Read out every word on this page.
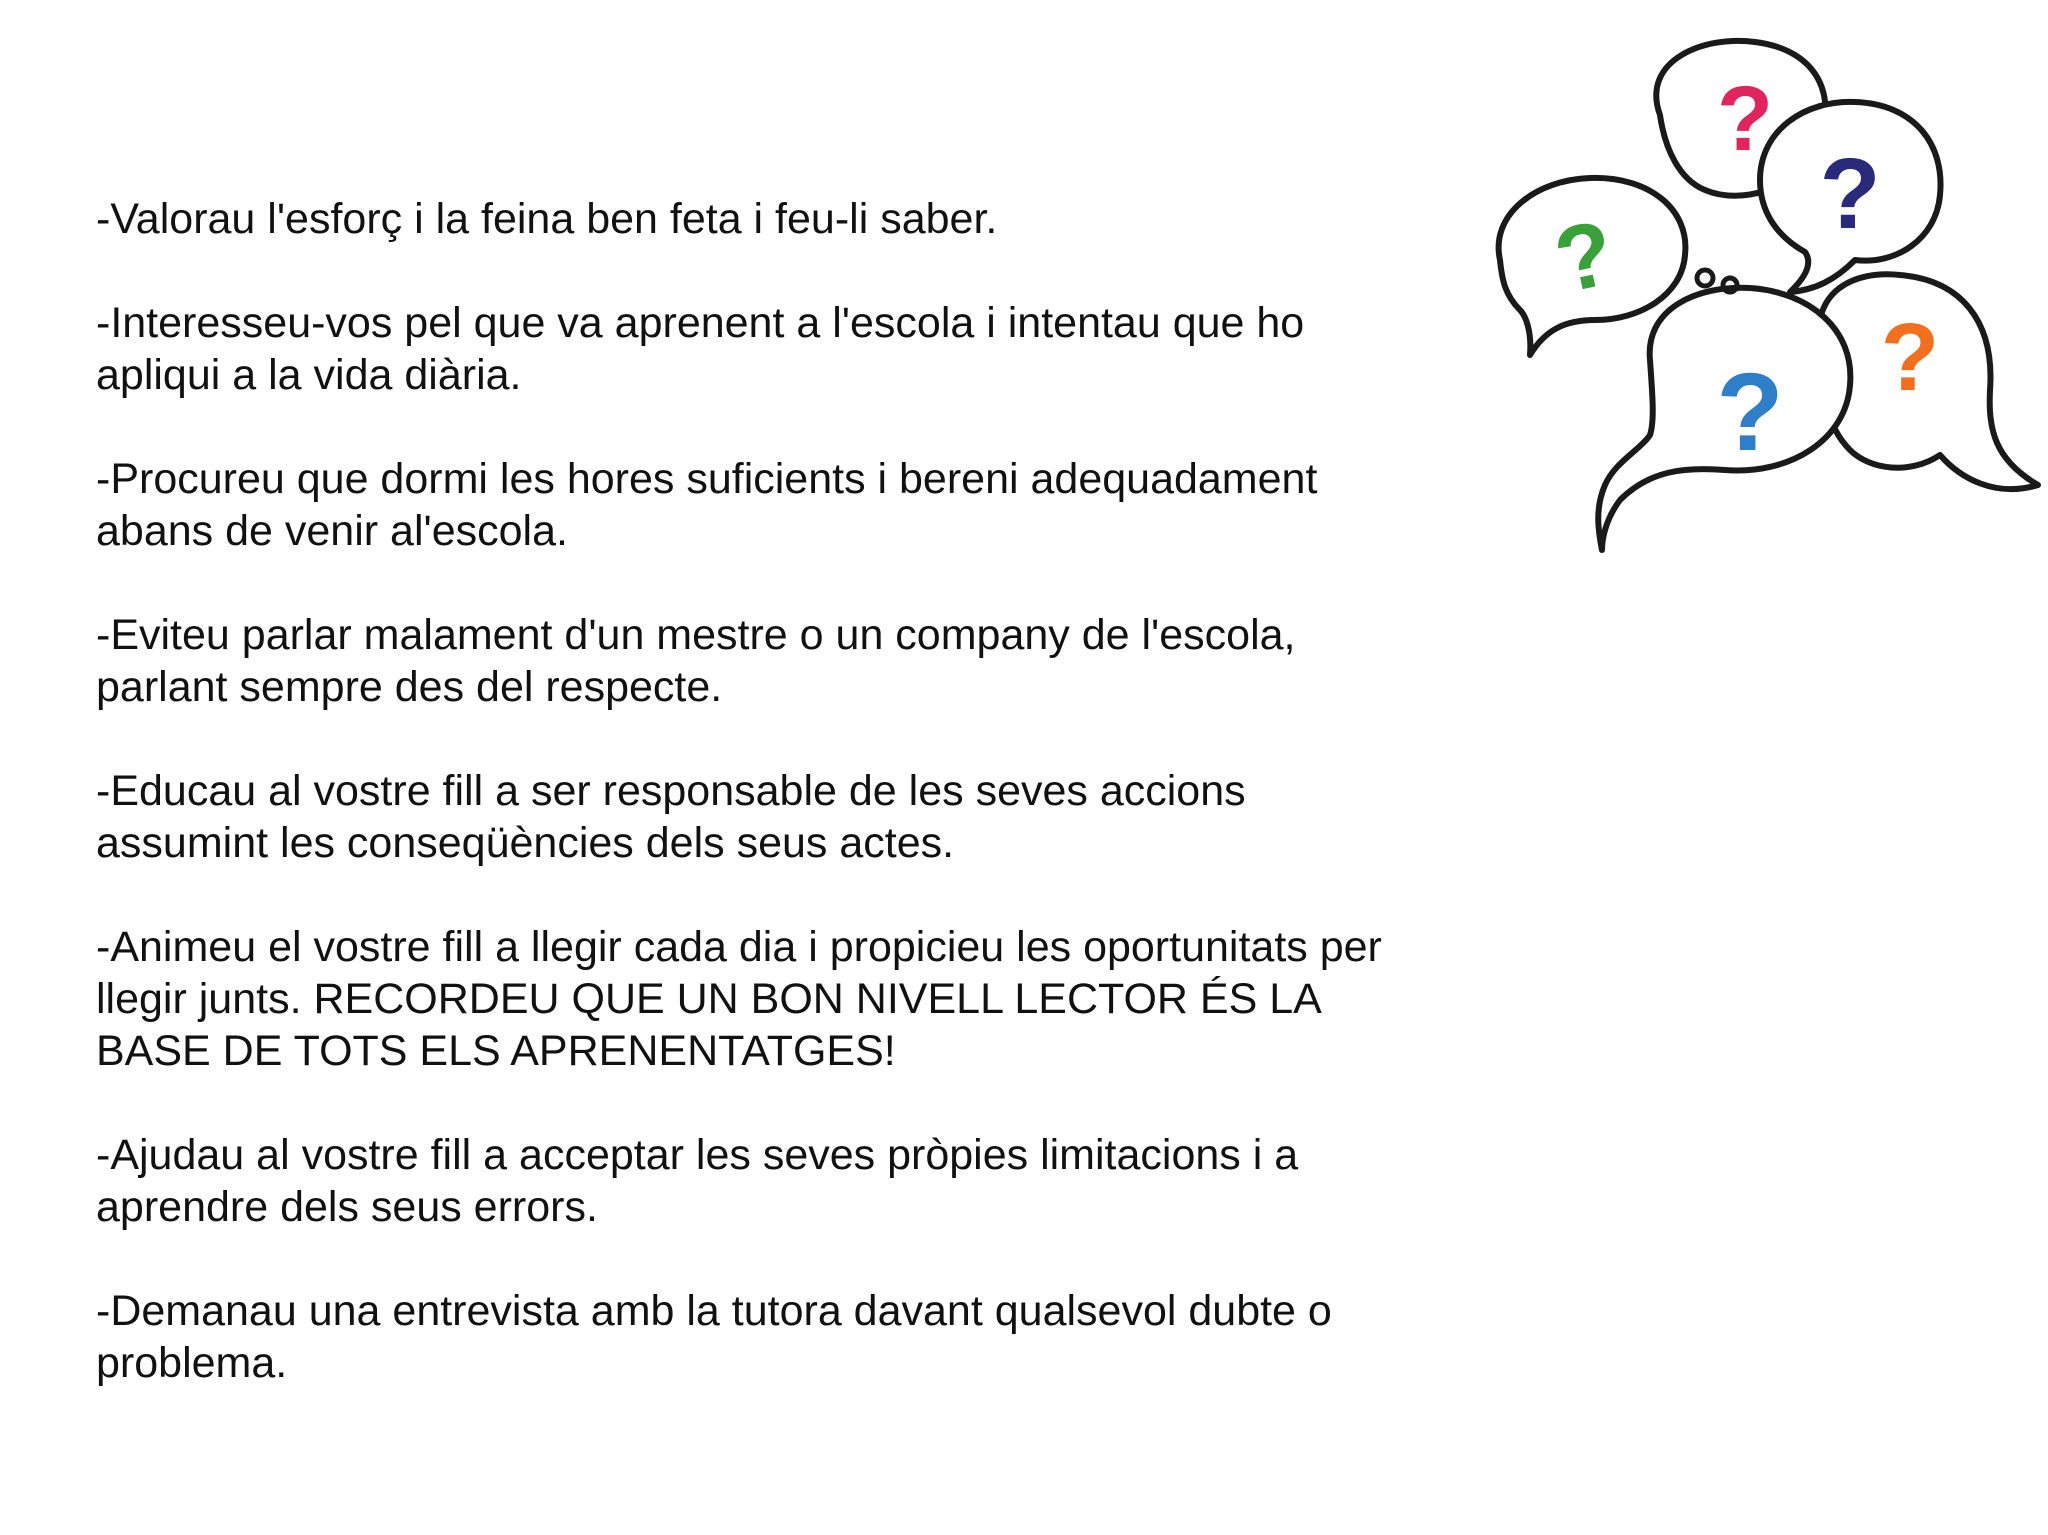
-Valorau l'esforç i la feina ben feta i feu-li saber.
-Interesseu-vos pel que va aprenent a l'escola i intentau que ho
apliqui a la vida diària.
-Procureu que dormi les hores suficients i bereni adequadament
abans de venir al'escola.
-Eviteu parlar malament d'un mestre o un company de l'escola,
parlant sempre des del respecte.
-Educau al vostre fill a ser responsable de les seves accions
assumint les conseqüències dels seus actes.
-Animeu el vostre fill a llegir cada dia i propicieu les oportunitats per
llegir junts. RECORDEU QUE UN BON NIVELL LECTOR ÉS LA
BASE DE TOTS ELS APRENENTATGES!
-Ajudau al vostre fill a acceptar les seves pròpies limitacions i a
aprendre dels seus errors.
-Demanau una entrevista amb la tutora davant qualsevol dubte o
problema.
?
?
?
?
?
